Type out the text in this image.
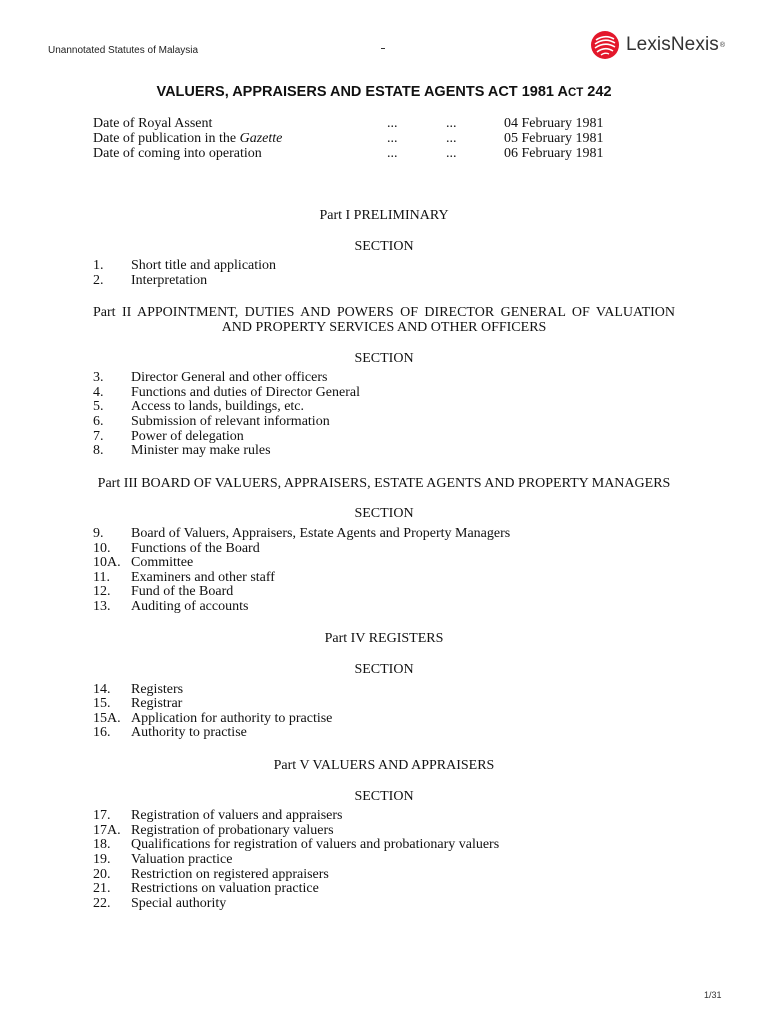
Unannotated Statutes of Malaysia	LexisNexis ®
VALUERS, APPRAISERS AND ESTATE AGENTS ACT 1981 ACT 242
Date of Royal Assent	...	...	04 February 1981
Date of publication in the Gazette	...	...	05 February 1981
Date of coming into operation	...	...	06 February 1981
Part I PRELIMINARY
SECTION
1.	Short title and application
2.	Interpretation
Part II APPOINTMENT, DUTIES AND POWERS OF DIRECTOR GENERAL OF VALUATION AND PROPERTY SERVICES AND OTHER OFFICERS
SECTION
3.	Director General and other officers
4.	Functions and duties of Director General
5.	Access to lands, buildings, etc.
6.	Submission of relevant information
7.	Power of delegation
8.	Minister may make rules
Part III BOARD OF VALUERS, APPRAISERS, ESTATE AGENTS AND PROPERTY MANAGERS
SECTION
9.	Board of Valuers, Appraisers, Estate Agents and Property Managers
10.	Functions of the Board
10A. Committee
11.	Examiners and other staff
12.	Fund of the Board
13.	Auditing of accounts
Part IV REGISTERS
SECTION
14.	Registers
15.	Registrar
15A. Application for authority to practise
16.	Authority to practise
Part V VALUERS AND APPRAISERS
SECTION
17.	Registration of valuers and appraisers
17A. Registration of probationary valuers
18.	Qualifications for registration of valuers and probationary valuers
19.	Valuation practice
20.	Restriction on registered appraisers
21.	Restrictions on valuation practice
22.	Special authority
1/31
